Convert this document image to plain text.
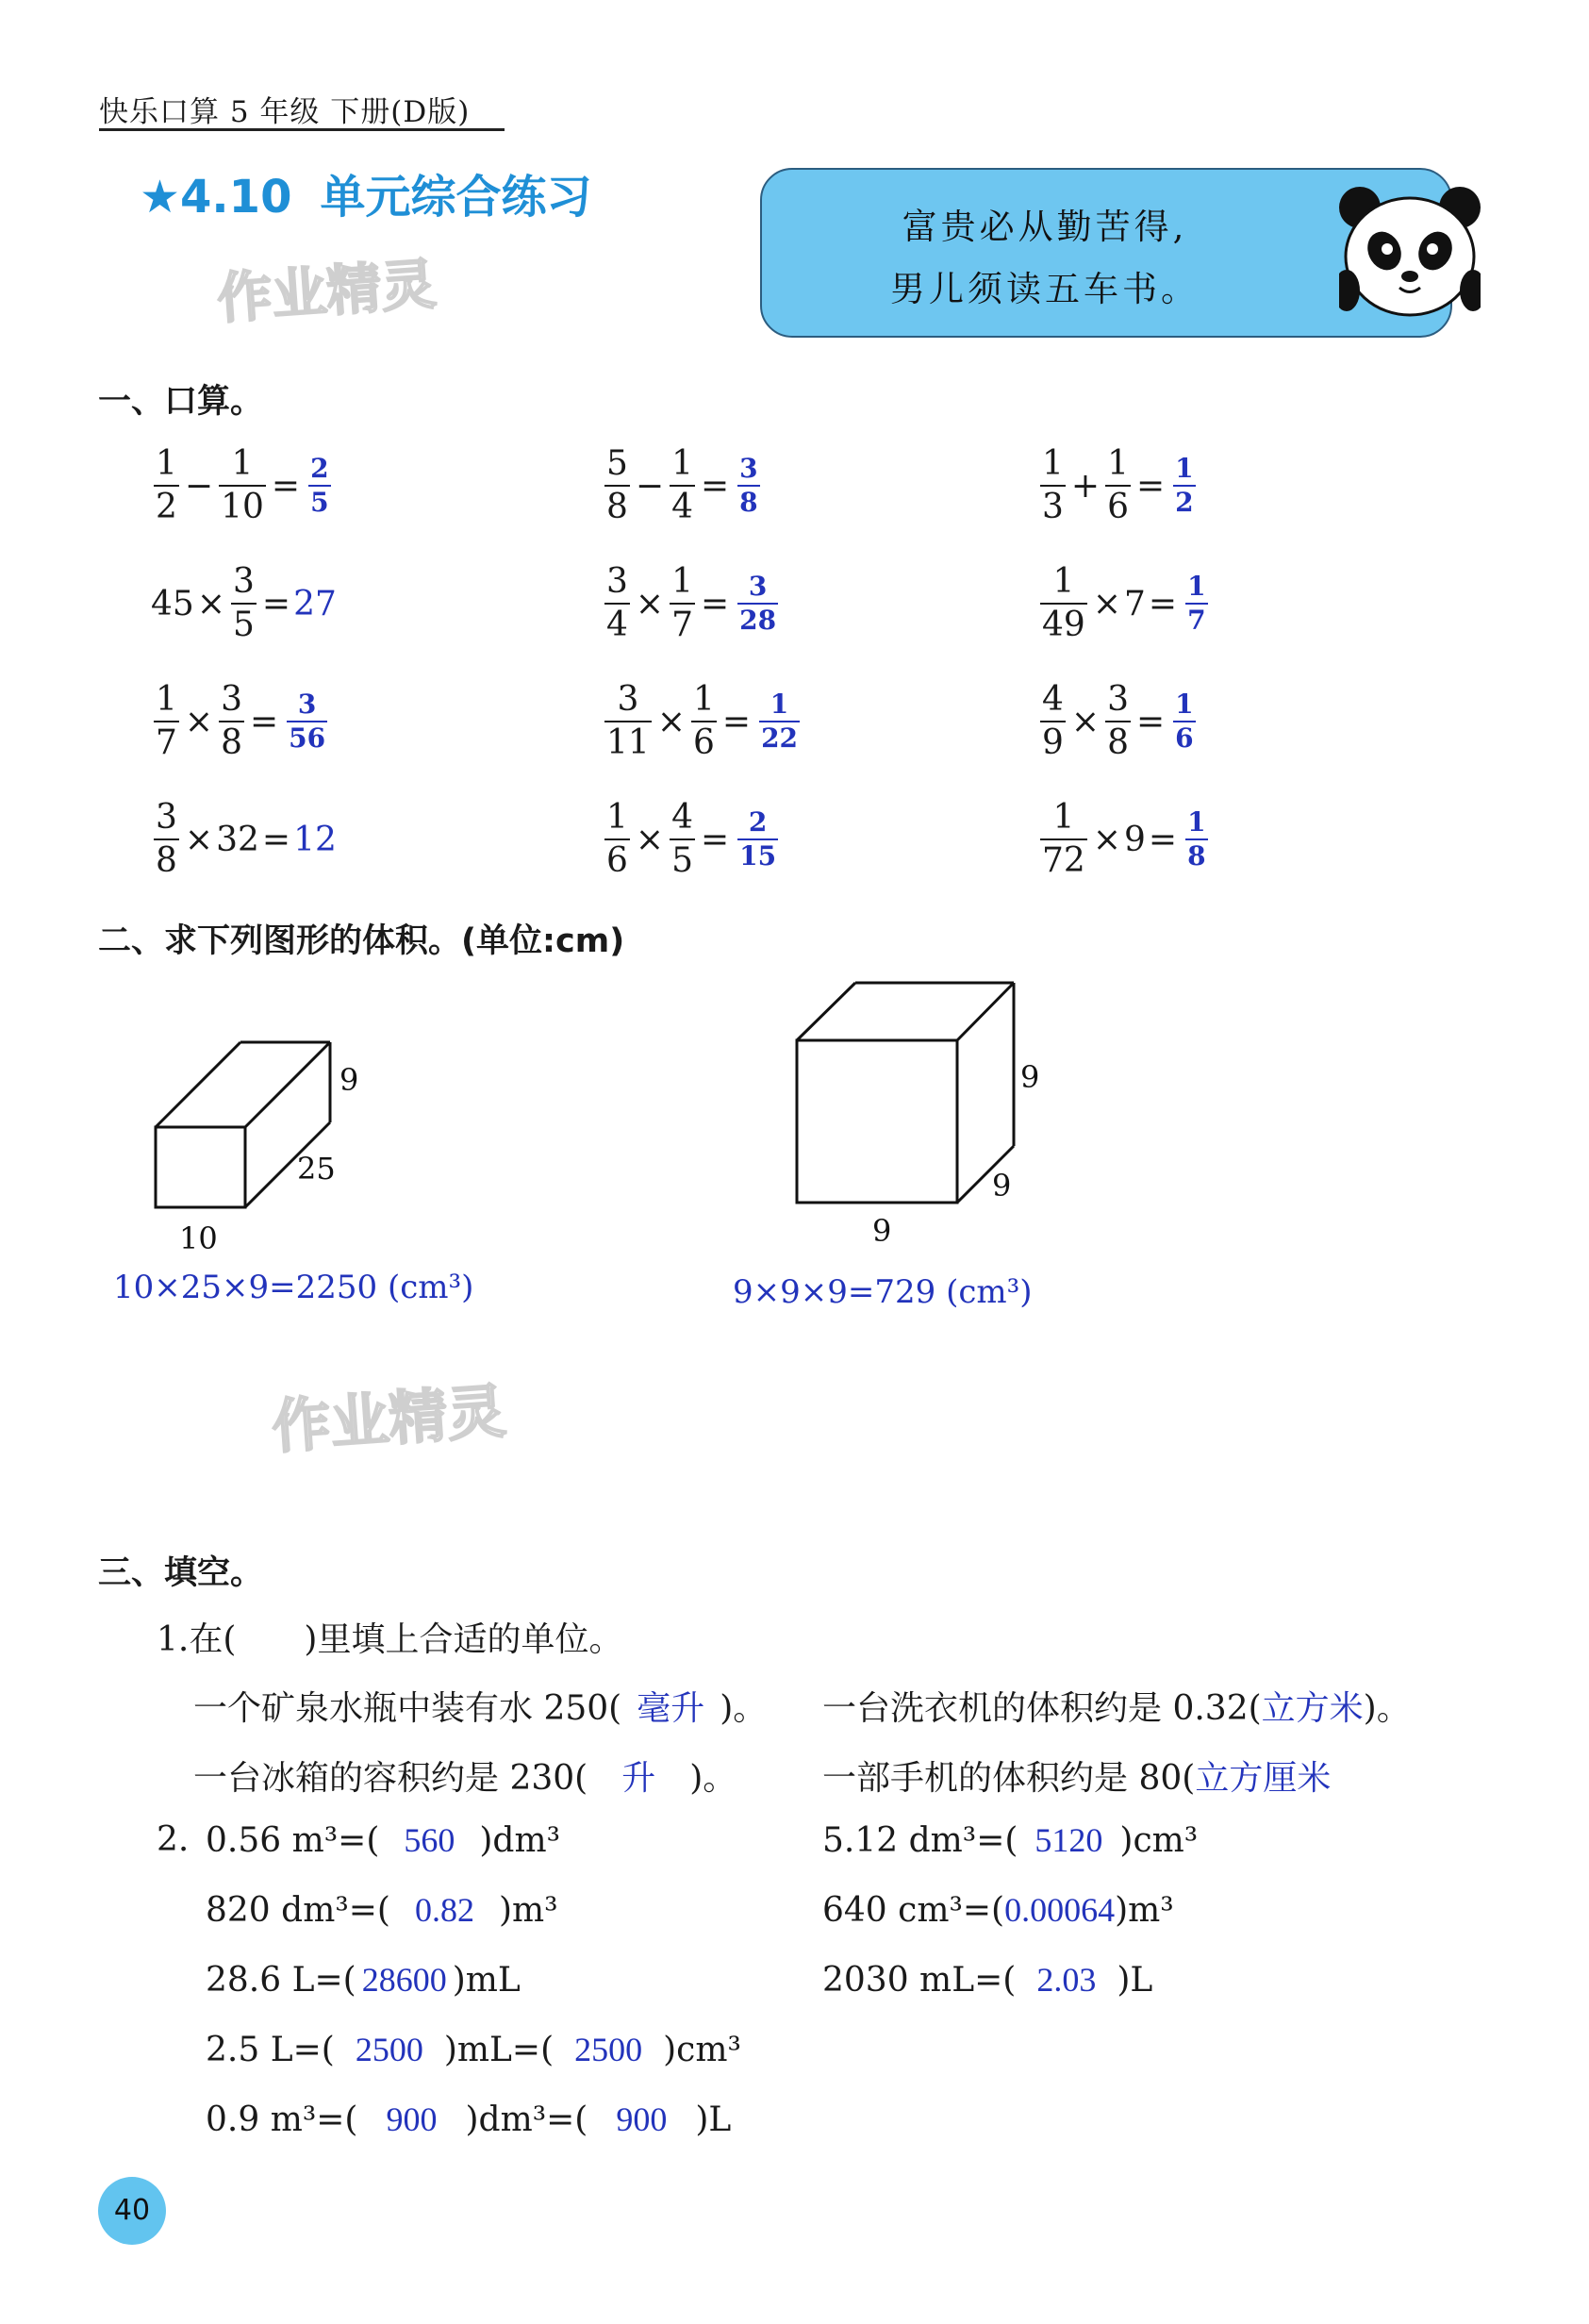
快乐口算 5 年级 下册(D版)
★4.10 单元综合练习
富贵必从勤苦得,
男儿须读五车书。
作业精灵
作业精灵
一、口算。
$\frac{1}{2} - \frac{1}{10} = \frac{2}{5}$	$\frac{5}{8} - \frac{1}{4} = \frac{3}{8}$	$\frac{1}{3} + \frac{1}{6} = \frac{1}{2}$
$45 \times \frac{3}{5} = 27$	$\frac{3}{4} \times \frac{1}{7} = \frac{3}{28}$	$\frac{1}{49} \times 7 = \frac{1}{7}$
$\frac{1}{7} \times \frac{3}{8} = \frac{3}{56}$	$\frac{3}{11} \times \frac{1}{6} = \frac{1}{22}$	$\frac{4}{9} \times \frac{3}{8} = \frac{1}{6}$
$\frac{3}{8} \times 32 = 12$	$\frac{1}{6} \times \frac{4}{5} = \frac{2}{15}$	$\frac{1}{72} \times 9 = \frac{1}{8}$
二、求下列图形的体积。(单位:cm)
9
25
10
9
9
9
10×25×9=2250 (cm³)	9×9×9=729 (cm³)
三、填空。
1.在(　　)里填上合适的单位。
一个矿泉水瓶中装有水 250( 毫升 )。 一台洗衣机的体积约是 0.32(立方米)。
一台冰箱的容积约是 230( 升 )。	一部手机的体积约是 80(立方厘米
2. 0.56 m³=( 560 )dm³
820 dm³=( 0.82 )m³
28.6 L=( 28600 )mL
5.12 dm³=( 5120 )cm³
640 cm³=(0.00064)m³
2030 mL=( 2.03 )L
2.5 L=( 2500 )mL=( 2500 )cm³
0.9 m³=( 900 )dm³=( 900 )L
40
